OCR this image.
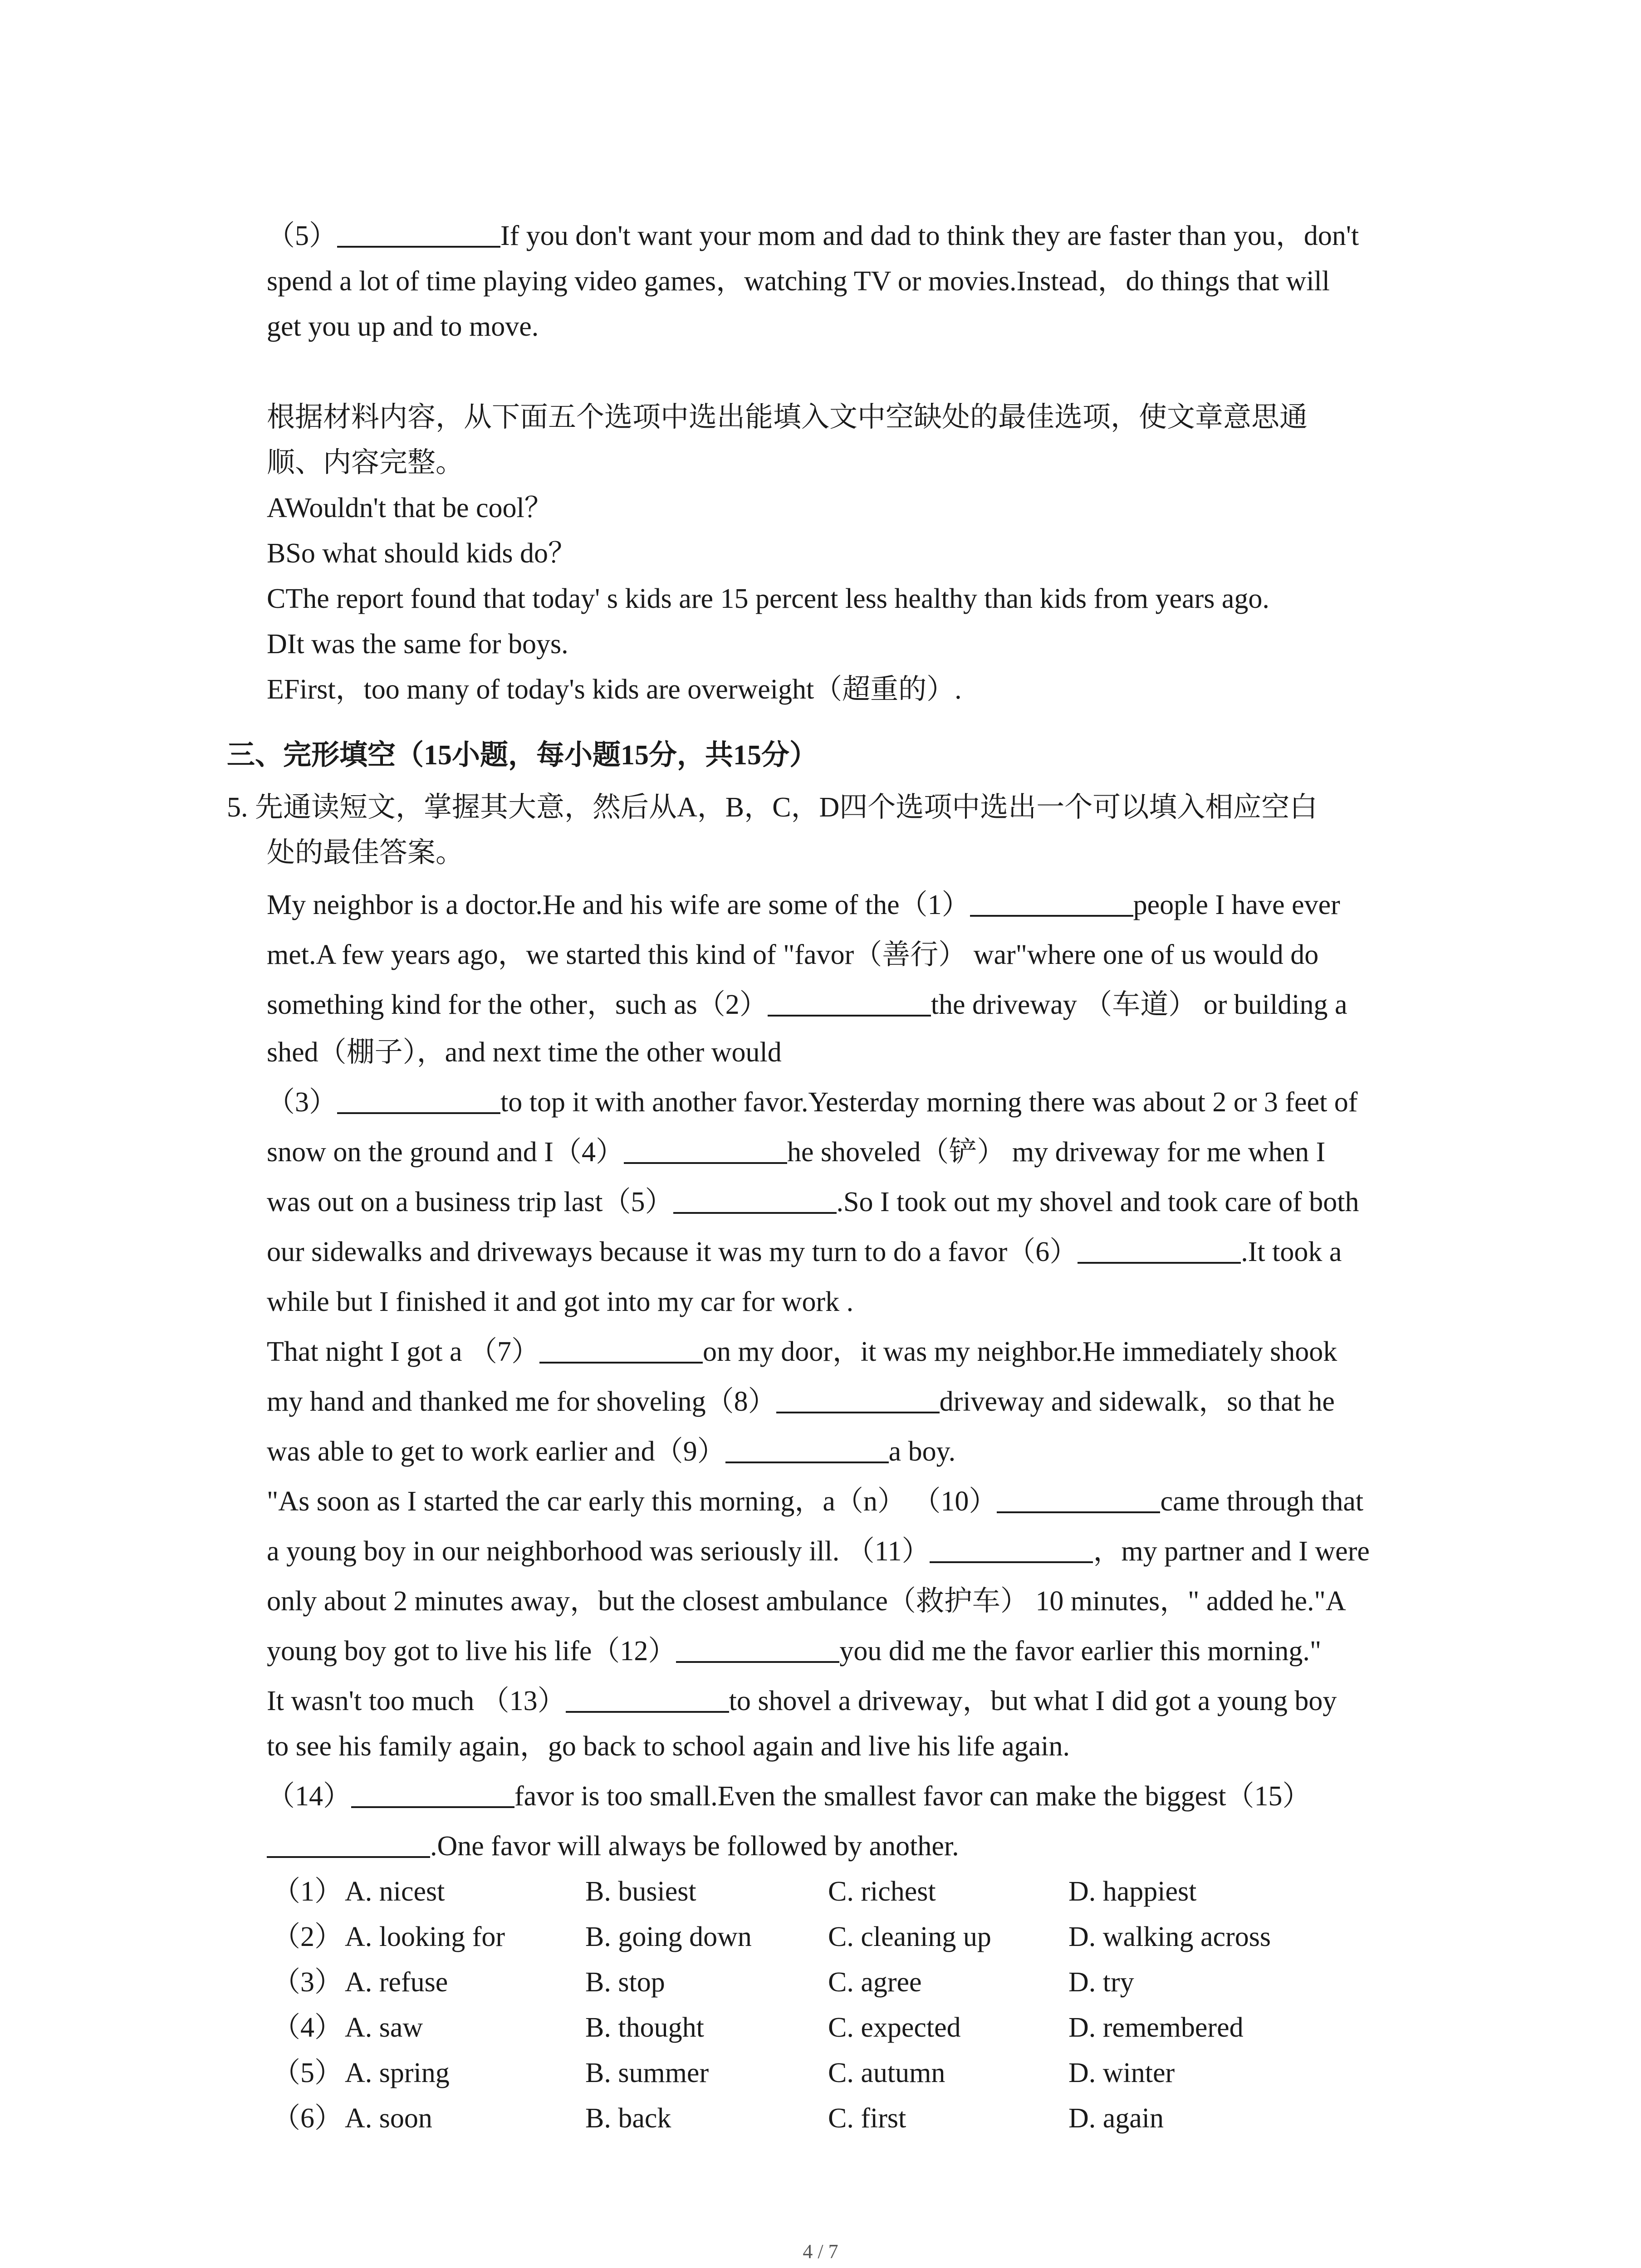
（5）	If you don't want your mom and dad to think they are faster than you，don't
spend a lot of time playing video games，watching TV or movies.Instead，do things that will
get you up and to move.
根据材料内容，从下面五个选项中选出能填入文中空缺处的最佳选项，使文章意思通
顺、内容完整。
AWouldn't that be cool？
BSo what should kids do？
CThe report found that today' s kids are 15 percent less healthy than kids from years ago.
DIt was the same for boys.
EFirst，too many of today's kids are overweight（超重的）.
三、完形填空（15小题，每小题15分，共15分）
5. 先通读短文，掌握其大意，然后从A，B，C，D四个选项中选出一个可以填入相应空白
处的最佳答案。
My neighbor is a doctor.He and his wife are some of the（1）	people I have ever
met.A few years ago，we started this kind of "favor（善行） war"where one of us would do
something kind for the other，such as（2）	the driveway （车道） or building a
shed（棚子），and next time the other would
（3）	to top it with another favor.Yesterday morning there was about 2 or 3 feet of
snow on the ground and I（4）	he shoveled（铲） my driveway for me when I
was out on a business trip last（5）	.So I took out my shovel and took care of both
our sidewalks and driveways because it was my turn to do a favor（6）	.It took a
while but I finished it and got into my car for work .
That night I got a （7）	on my door，it was my neighbor.He immediately shook
my hand and thanked me for shoveling（8）	driveway and sidewalk，so that he
was able to get to work earlier and（9）	a boy.
"As soon as I started the car early this morning，a（n） （10）	came through that
a young boy in our neighborhood was seriously ill. （11）	，my partner and I were
only about 2 minutes away，but the closest ambulance（救护车） 10 minutes，" added he."A
young boy got to live his life（12）	you did me the favor earlier this morning."
It wasn't too much （13）	to shovel a driveway，but what I did got a young boy
to see his family again，go back to school again and live his life again.
（14）	favor is too small.Even the smallest favor can make the biggest（15）
.One favor will always be followed by another.
（1） A. nicest	B. busiest	C. richest	D. happiest
（2） A. looking for	B. going down	C. cleaning up	D. walking across
（3） A. refuse	B. stop	C. agree	D. try
（4） A. saw	B. thought	C. expected	D. remembered
（5） A. spring	B. summer	C. autumn	D. winter
（6） A. soon	B. back	C. first	D. again
4 / 7
